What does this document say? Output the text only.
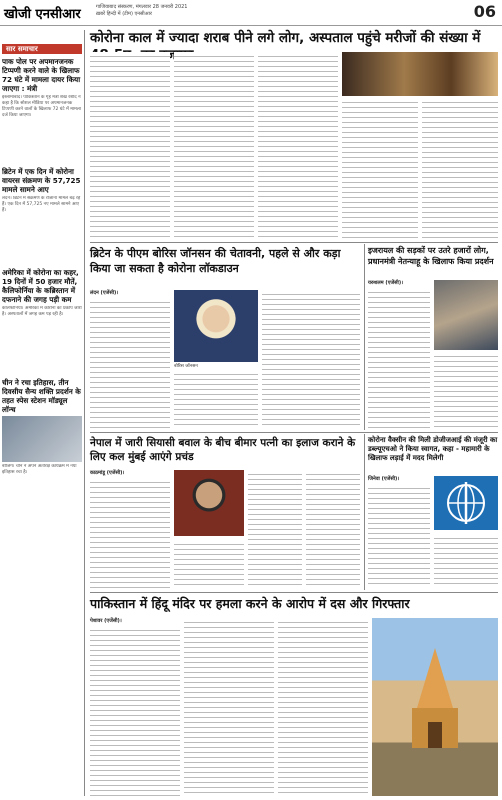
खोजी एनसीआर	गाजियाबाद संस्करण, मंगलवार 28 जनवरी 2021
ख़बरें हिन्दी में (टीम) एनसीआर	06
सार समाचार
पाक पोल पर अपमानजनक टिप्पणी करने वाले के खिलाफ 72 घंटे में मामला दायर किया जाएगा : मंत्री
इस्लामाबाद। पाकिस्तान के गृह मंत्री शेख रशीद ने कहा है कि सोशल मीडिया पर अपमानजनक टिप्पणी करने वालों के खिलाफ 72 घंटे में मामला दर्ज किया जाएगा।
ब्रिटेन में एक दिन में कोरोना वायरस संक्रमण के 57,725 मामले सामने आए
लंदन। ब्रिटेन में संक्रमण के रोजाना मामले बढ़ रहे हैं। एक दिन में 57,725 नए मामले सामने आए हैं।
अमेरिका में कोरोना का कहर, 19 दिनों में 50 हजार मौतें, कैलिफोर्निया के कब्रिस्तान में दफनाने की जगह पड़ी कम
कैलिफोर्निया। अमेरिका में कोरोना का प्रकोप जारी है। अस्पतालों में जगह कम पड़ रही है।
चीन ने रचा इतिहास, तीन दिवसीय सैन्य शक्ति प्रदर्शन के तहत स्पेस स्टेशन मॉड्यूल लॉन्च
बीजिंग। चीन ने अपने अंतरिक्ष कार्यक्रम में नया इतिहास रचा है।
कोरोना काल में ज्यादा शराब पीने लगे लोग, अस्पताल पहुंचे मरीजों की संख्या में
ब्रिटेन के पीएम बोरिस जॉनसन की चेतावनी, पहले से और कड़ा किया जा सकता है कोरोना लॉकडाउन
लंदन (एजेंसी)।
बोरिस जॉनसन
इजरायल की सड़कों पर उतरे हजारों लोग, प्रधानमंत्री नेतन्याहू के खिलाफ किया प्रदर्शन
यरुशलम (एजेंसी)।
नेपाल में जारी सियासी बवाल के बीच बीमार पत्नी का इलाज कराने के लिए कल मुंबई आएंगे प्रचंड
काठमांडू (एजेंसी)।
कोरोना वैक्सीन की मिली डोजीजआई की मंजूरी का डब्ल्यूएचओ ने किया स्वागत, कहा - महामारी के खिलाफ लड़ाई में मदद मिलेगी
जिनेवा (एजेंसी)।
पाकिस्तान में हिंदू मंदिर पर हमला करने के आरोप में दस और गिरफ्तार
पेशावर (एजेंसी)।
